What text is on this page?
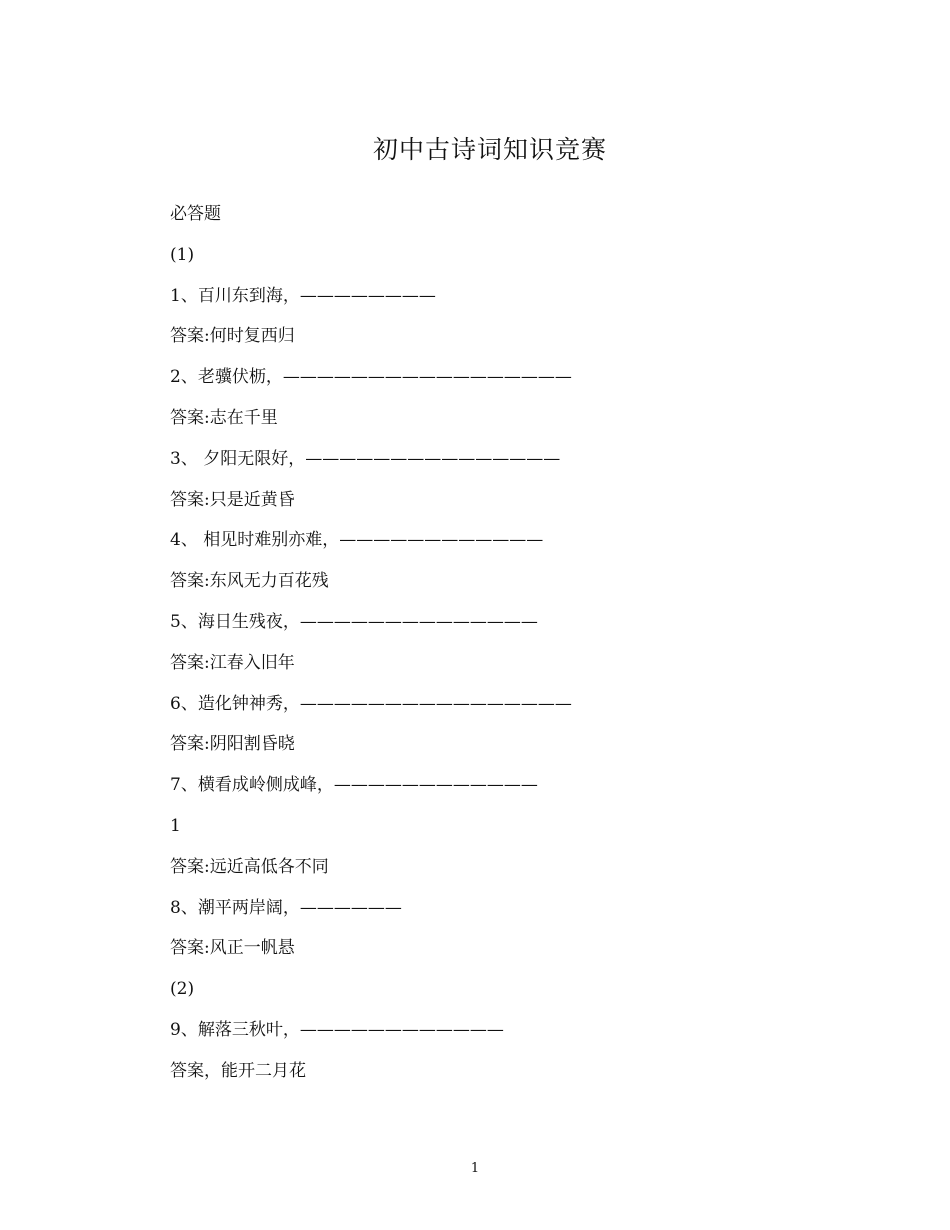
初中古诗词知识竞赛
必答题
(1)
1、百川东到海，————————
答案:何时复西归
2、老骥伏枥，—————————————————
答案:志在千里
3、 夕阳无限好，———————————————
答案:只是近黄昏
4、 相见时难别亦难，————————————
答案:东风无力百花残
5、海日生残夜，——————————————
答案:江春入旧年
6、造化钟神秀，————————————————
答案:阴阳割昏晓
7、横看成岭侧成峰，————————————
1
答案:远近高低各不同
8、潮平两岸阔，——————
答案:风正一帆悬
(2)
9、解落三秋叶，————————————
答案，能开二月花
1
